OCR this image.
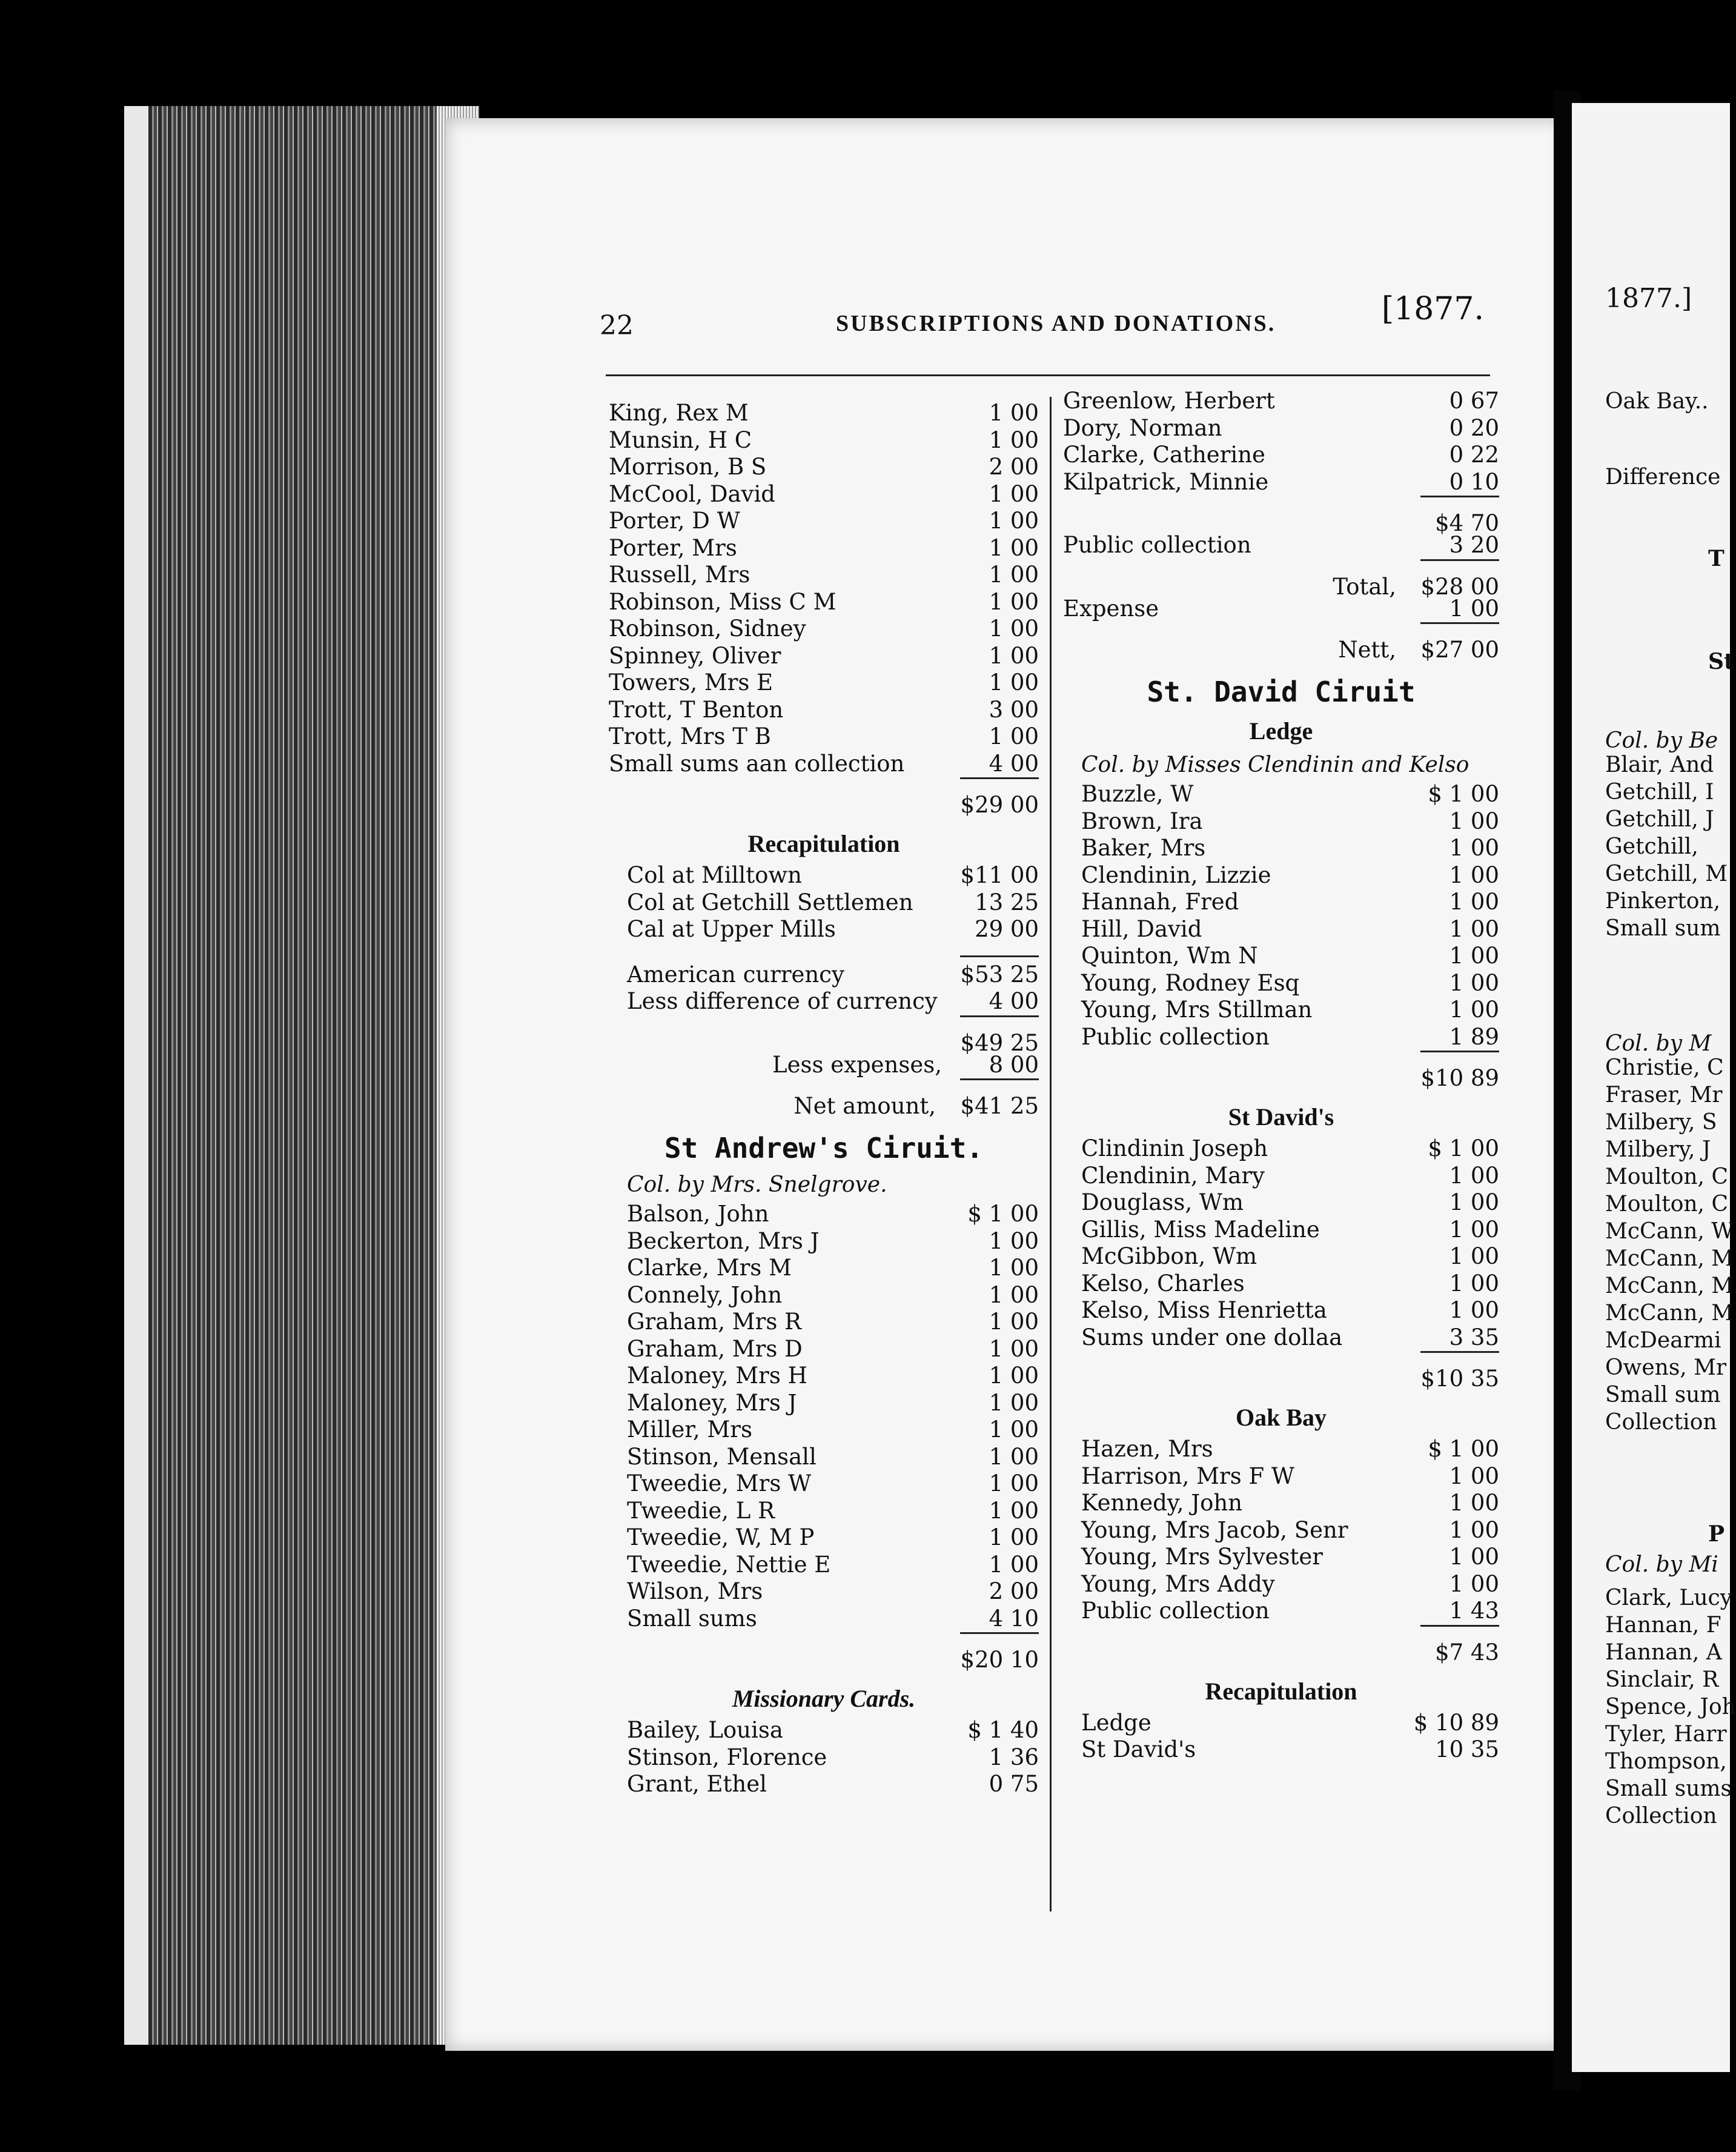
22	SUBSCRIPTIONS AND DONATIONS.	[1877.
King, Rex M	1 00
Munsin, H C	1 00
Morrison, B S	2 00
McCool, David	1 00
Porter, D W	1 00
Porter, Mrs	1 00
Russell, Mrs	1 00
Robinson, Miss C M	1 00
Robinson, Sidney	1 00
Spinney, Oliver	1 00
Towers, Mrs E	1 00
Trott, T Benton	3 00
Trott, Mrs T B	1 00
Small sums aan collection	4 00
$29 00
Recapitulation
Col at Milltown	$11 00
Col at Getchill Settlemen	13 25
Cal at Upper Mills	29 00
American currency	$53 25
Less difference of currency 4 00
$49 25
Less expenses, 8 00
Net amount, $41 25
St Andrew's Ciruit.
Col. by Mrs. Snelgrove.
Balson, John	$ 1 00
Beckerton, Mrs J	1 00
Clarke, Mrs M	1 00
Connely, John	1 00
Graham, Mrs R	1 00
Graham, Mrs D	1 00
Maloney, Mrs H	1 00
Maloney, Mrs J	1 00
Miller, Mrs	1 00
Stinson, Mensall	1 00
Tweedie, Mrs W	1 00
Tweedie, L R	1 00
Tweedie, W, M P	1 00
Tweedie, Nettie E	1 00
Wilson, Mrs	2 00
Small sums	4 10
$20 10
Missionary Cards.
Bailey, Louisa	$ 1 40
Stinson, Florence	1 36
Grant, Ethel	0 75
Greenlow, Herbert	0 67
Dory, Norman	0 20
Clarke, Catherine	0 22
Kilpatrick, Minnie	0 10
$4 70
Public collection	3 20
Total, $28 00
Expense	1 00
Nett, $27 00
St. David Ciruit
Ledge
Col. by Misses Clendinin and Kelso
Buzzle, W	$ 1 00
Brown, Ira	1 00
Baker, Mrs	1 00
Clendinin, Lizzie	1 00
Hannah, Fred	1 00
Hill, David	1 00
Quinton, Wm N	1 00
Young, Rodney Esq	1 00
Young, Mrs Stillman	1 00
Public collection	1 89
$10 89
St David's
Clindinin Joseph	$ 1 00
Clendinin, Mary	1 00
Douglass, Wm	1 00
Gillis, Miss Madeline	1 00
McGibbon, Wm	1 00
Kelso, Charles	1 00
Kelso, Miss Henrietta	1 00
Sums under one dollaa	3 35
$10 35
Oak Bay
Hazen, Mrs	$ 1 00
Harrison, Mrs F W	1 00
Kennedy, John	1 00
Young, Mrs Jacob, Senr	1 00
Young, Mrs Sylvester	1 00
Young, Mrs Addy	1 00
Public collection	1 43
$7 43
Recapitulation
Ledge	$ 10 89
St David's	10 35
1877.]
Oak Bay..
Difference
T
St
Col. by Be
Blair, And
Getchill, I
Getchill, J
Getchill,
Getchill, M
Pinkerton,
Small sum
Col. by M
Christie, C
Fraser, Mr
Milbery, S
Milbery, J
Moulton, C
Moulton, C
McCann, W
McCann, M
McCann, M
McCann, M
McDearmi
Owens, Mr
Small sum
Collection
P
Col. by Mi
Clark, Lucy
Hannan, F
Hannan, A
Sinclair, R
Spence, Joh
Tyler, Harr
Thompson,
Small sums
Collection
